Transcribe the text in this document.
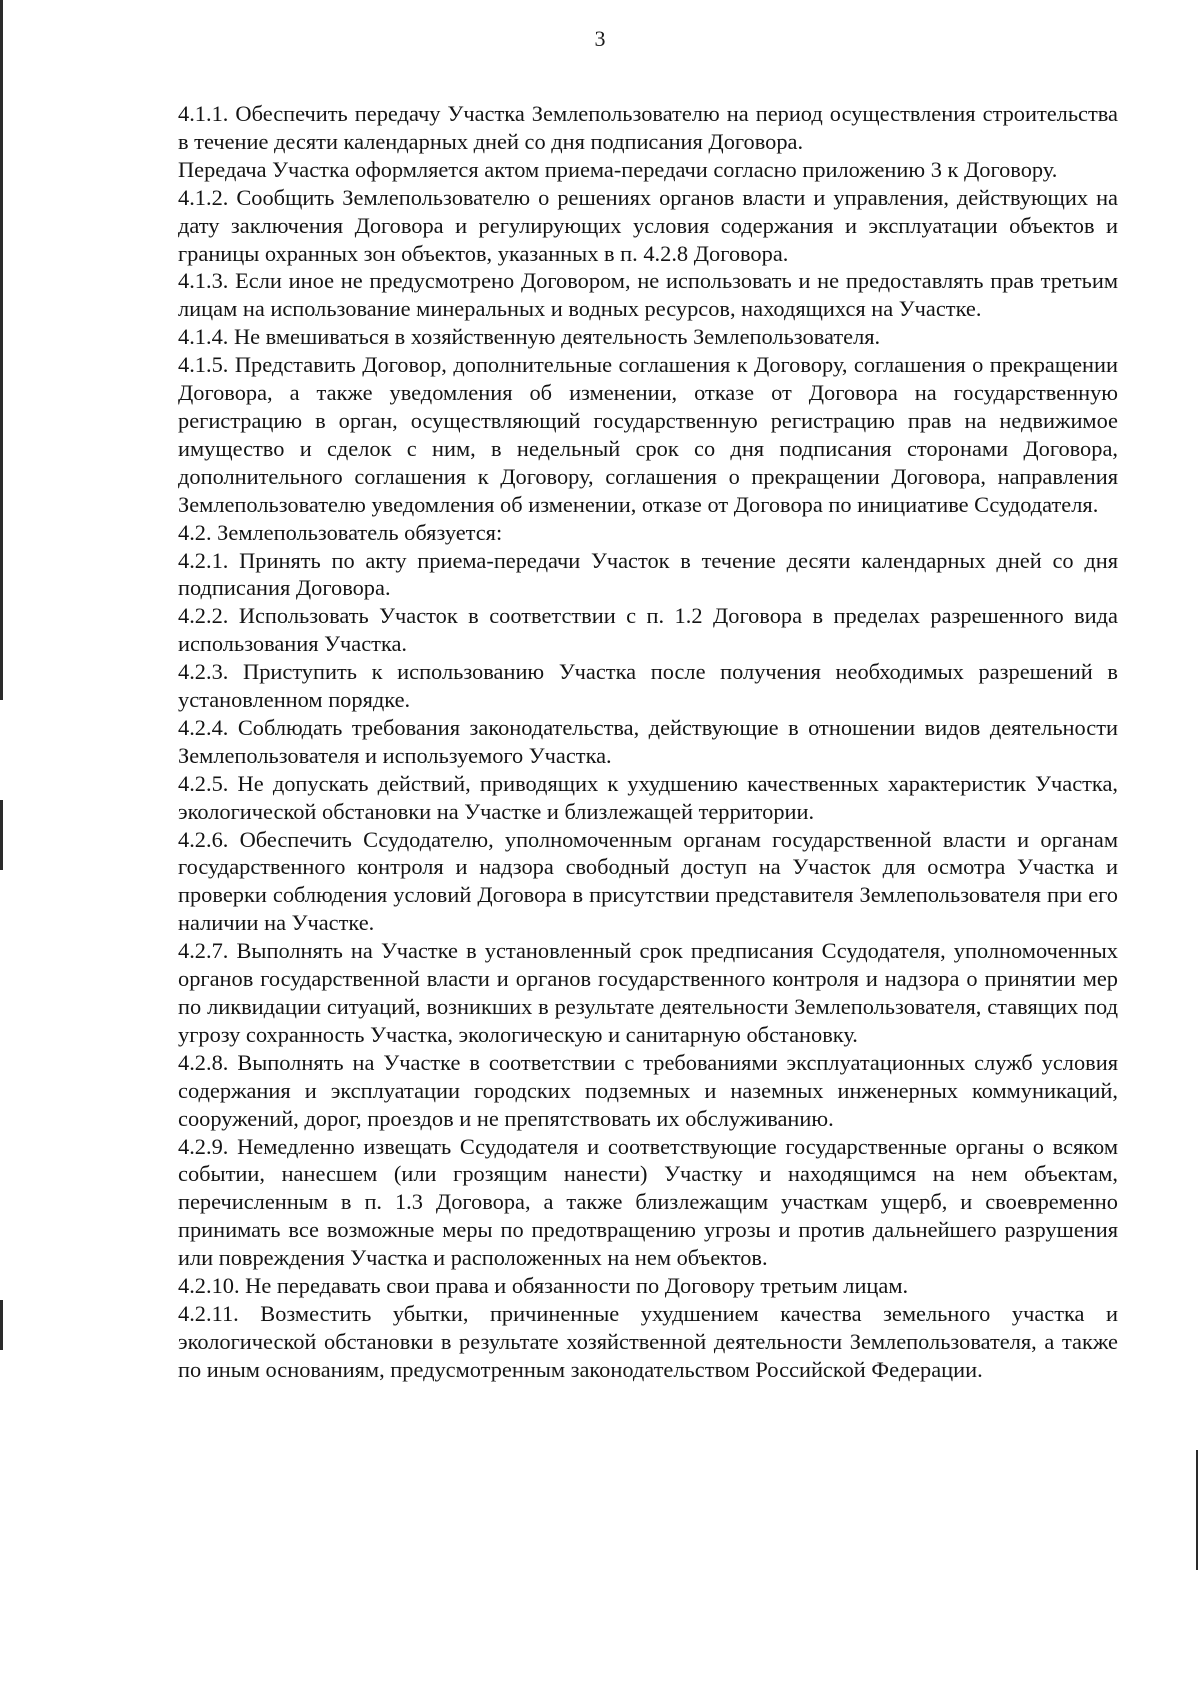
3

4.1.1. Обеспечить передачу Участка Землепользователю на период осуществления строительства в течение десяти календарных дней со дня подписания Договора.

Передача Участка оформляется актом приема-передачи согласно приложению 3 к Договору.

4.1.2. Сообщить Землепользователю о решениях органов власти и управления, действующих на дату заключения Договора и регулирующих условия содержания и эксплуатации объектов и границы охранных зон объектов, указанных в п. 4.2.8 Договора.

4.1.3. Если иное не предусмотрено Договором, не использовать и не предоставлять прав третьим лицам на использование минеральных и водных ресурсов, находящихся на Участке.

4.1.4. Не вмешиваться в хозяйственную деятельность Землепользователя.

4.1.5. Представить Договор, дополнительные соглашения к Договору, соглашения о прекращении Договора, а также уведомления об изменении, отказе от Договора на государственную регистрацию в орган, осуществляющий государственную регистрацию прав на недвижимое имущество и сделок с ним, в недельный срок со дня подписания сторонами Договора, дополнительного соглашения к Договору, соглашения о прекращении Договора, направления Землепользователю уведомления об изменении, отказе от Договора по инициативе Ссудодателя.

4.2. Землепользователь обязуется:

4.2.1. Принять по акту приема-передачи Участок в течение десяти календарных дней со дня подписания Договора.

4.2.2. Использовать Участок в соответствии с п. 1.2 Договора в пределах разрешенного вида использования Участка.

4.2.3. Приступить к использованию Участка после получения необходимых разрешений в установленном порядке.

4.2.4. Соблюдать требования законодательства, действующие в отношении видов деятельности Землепользователя и используемого Участка.

4.2.5. Не допускать действий, приводящих к ухудшению качественных характеристик Участка, экологической обстановки на Участке и близлежащей территории.

4.2.6. Обеспечить Ссудодателю, уполномоченным органам государственной власти и органам государственного контроля и надзора свободный доступ на Участок для осмотра Участка и проверки соблюдения условий Договора в присутствии представителя Землепользователя при его наличии на Участке.

4.2.7. Выполнять на Участке в установленный срок предписания Ссудодателя, уполномоченных органов государственной власти и органов государственного контроля и надзора о принятии мер по ликвидации ситуаций, возникших в результате деятельности Землепользователя, ставящих под угрозу сохранность Участка, экологическую и санитарную обстановку.

4.2.8. Выполнять на Участке в соответствии с требованиями эксплуатационных служб условия содержания и эксплуатации городских подземных и наземных инженерных коммуникаций, сооружений, дорог, проездов и не препятствовать их обслуживанию.

4.2.9. Немедленно извещать Ссудодателя и соответствующие государственные органы о всяком событии, нанесшем (или грозящим нанести) Участку и находящимся на нем объектам, перечисленным в п. 1.3 Договора, а также близлежащим участкам ущерб, и своевременно принимать все возможные меры по предотвращению угрозы и против дальнейшего разрушения или повреждения Участка и расположенных на нем объектов.

4.2.10. Не передавать свои права и обязанности по Договору третьим лицам.

4.2.11. Возместить убытки, причиненные ухудшением качества земельного участка и экологической обстановки в результате хозяйственной деятельности Землепользователя, а также по иным основаниям, предусмотренным законодательством Российской Федерации.
